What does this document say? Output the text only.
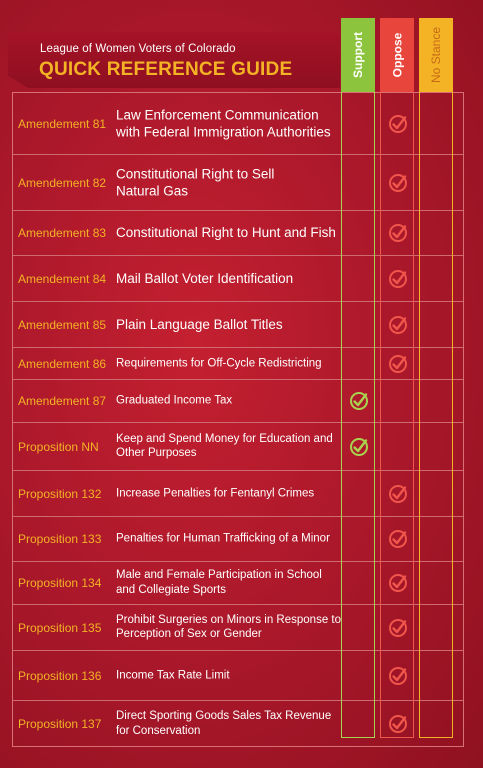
League of Women Voters of Colorado
QUICK REFERENCE GUIDE	Support Oppose No Stance
Amendement 81
Law Enforcement Communication with Federal Immigration Authorities
Amendement 82
Constitutional Right to Sell Natural Gas
Amendement 83 Constitutional Right to Hunt and Fish
Amendement 84 Mail Ballot Voter Identification
Amendement 85 Plain Language Ballot Titles
Amendement 86 Requirements for Off-Cycle Redistricting
Amendement 87 Graduated Income Tax
Proposition NN
Keep and Spend Money for Education and Other Purposes
Proposition 132 Increase Penalties for Fentanyl Crimes
Proposition 133 Penalties for Human Trafficking of a Minor
Proposition 134
Male and Female Participation in School and Collegiate Sports
Proposition 135
Prohibit Surgeries on Minors in Response to Perception of Sex or Gender
Proposition 136 Income Tax Rate Limit
Proposition 137
Direct Sporting Goods Sales Tax Revenue for Conservation
